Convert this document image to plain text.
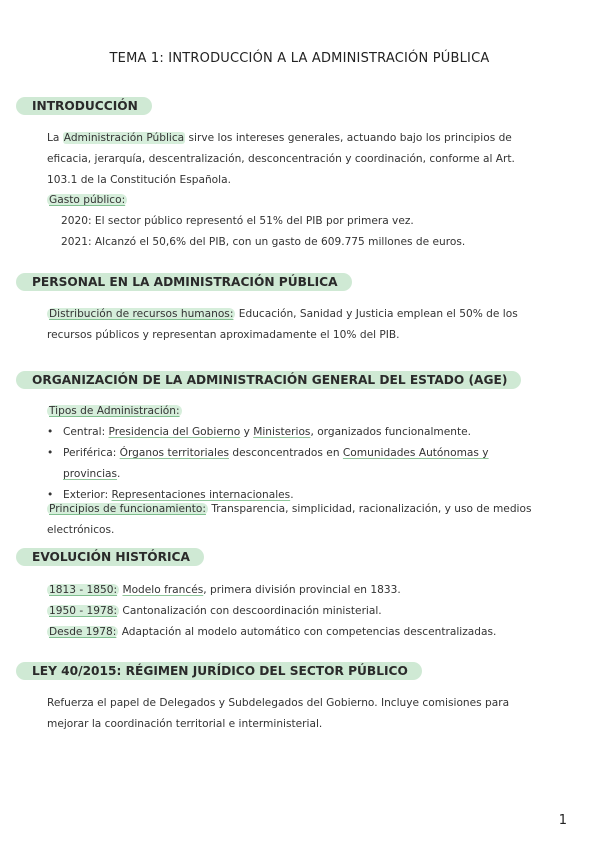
TEMA 1: INTRODUCCIÓN A LA ADMINISTRACIÓN PÚBLICA
INTRODUCCIÓN
La Administración Pública sirve los intereses generales, actuando bajo los principios de eficacia, jerarquía, descentralización, desconcentración y coordinación, conforme al Art. 103.1 de la Constitución Española.
Gasto público:
2020: El sector público representó el 51% del PIB por primera vez.
2021: Alcanzó el 50,6% del PIB, con un gasto de 609.775 millones de euros.
PERSONAL EN LA ADMINISTRACIÓN PÚBLICA
Distribución de recursos humanos: Educación, Sanidad y Justicia emplean el 50% de los recursos públicos y representan aproximadamente el 10% del PIB.
ORGANIZACIÓN DE LA ADMINISTRACIÓN GENERAL DEL ESTADO (AGE)
Tipos de Administración:
• Central: Presidencia del Gobierno y Ministerios, organizados funcionalmente.
• Periférica: Órganos territoriales desconcentrados en Comunidades Autónomas y provincias.
• Exterior: Representaciones internacionales.
Principios de funcionamiento: Transparencia, simplicidad, racionalización, y uso de medios electrónicos.
EVOLUCIÓN HISTÓRICA
1813 - 1850: Modelo francés, primera división provincial en 1833.
1950 - 1978: Cantonalización con descoordinación ministerial.
Desde 1978: Adaptación al modelo automático con competencias descentralizadas.
LEY 40/2015: RÉGIMEN JURÍDICO DEL SECTOR PÚBLICO
Refuerza el papel de Delegados y Subdelegados del Gobierno. Incluye comisiones para mejorar la coordinación territorial e interministerial.
1
